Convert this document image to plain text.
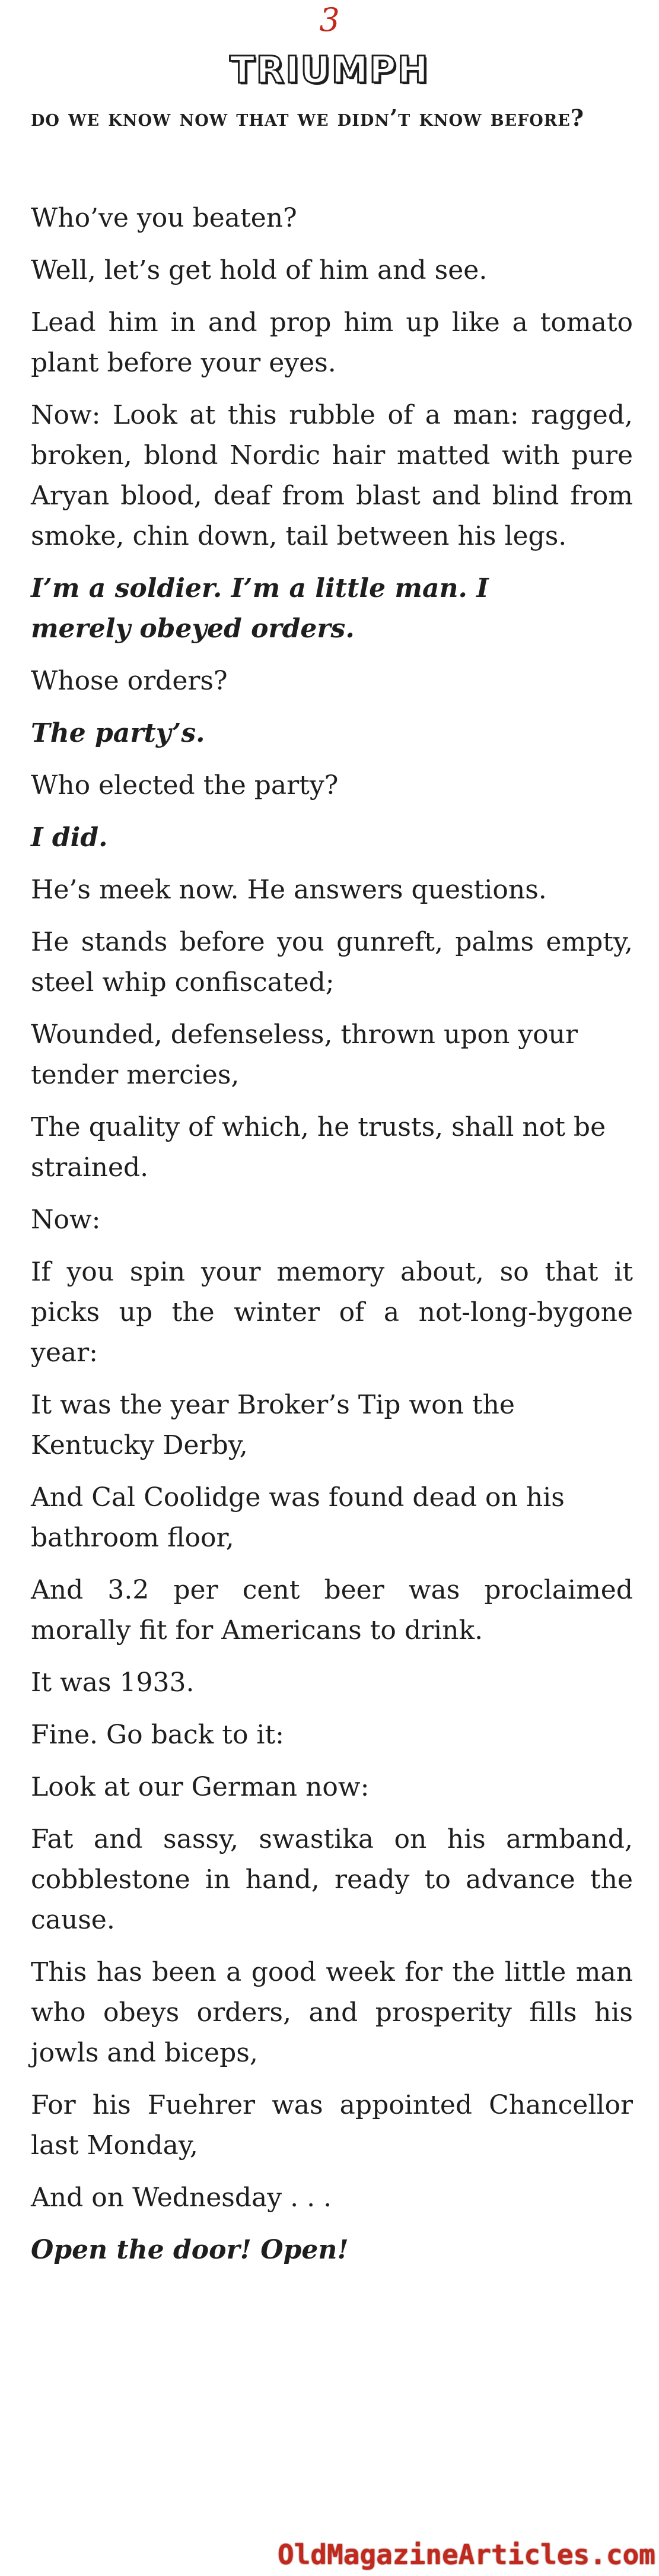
3
TRIUMPH
do we know now that we didn’t know before?

Who’ve you beaten?

Well, let’s get hold of him and see.

Lead him in and prop him up like a tomato plant before your eyes.

Now: Look at this rubble of a man: ragged, broken, blond Nordic hair matted with pure Aryan blood, deaf from blast and blind from smoke, chin down, tail between his legs.

I’m a soldier. I’m a little man. I merely obeyed orders.

Whose orders?

The party’s.

Who elected the party?

I did.

He’s meek now. He answers questions.

He stands before you gunreft, palms empty, steel whip confiscated;

Wounded, defenseless, thrown upon your tender mercies,

The quality of which, he trusts, shall not be strained.

Now:

If you spin your memory about, so that it picks up the winter of a not-long-bygone year:

It was the year Broker’s Tip won the Kentucky Derby,

And Cal Coolidge was found dead on his bathroom floor,

And 3.2 per cent beer was proclaimed morally fit for Americans to drink.

It was 1933.

Fine. Go back to it:

Look at our German now:

Fat and sassy, swastika on his armband, cobblestone in hand, ready to advance the cause.

This has been a good week for the little man who obeys orders, and prosperity fills his jowls and biceps,

For his Fuehrer was appointed Chancellor last Monday,

And on Wednesday . . .

Open the door! Open!

OldMagazineArticles.com
